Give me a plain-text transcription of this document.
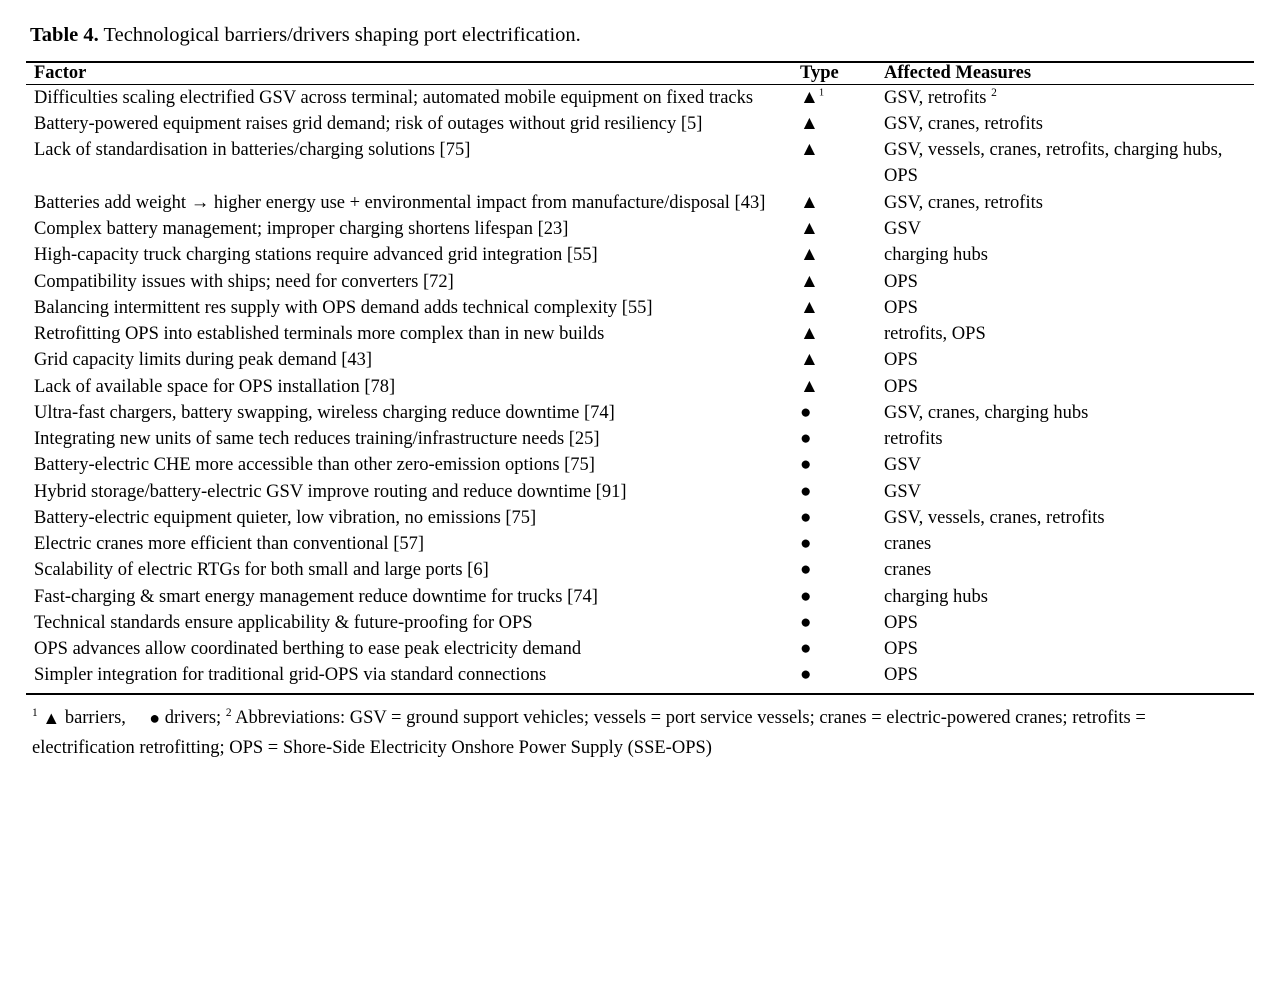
Table 4. Technological barriers/drivers shaping port electrification.
Factor	Type	Affected Measures
Difficulties scaling electrified GSV across terminal; automated mobile equipment on fixed tracks	▲$^1$	GSV, retrofits $^2$
Battery-powered equipment raises grid demand; risk of outages without grid resiliency [5]	▲	GSV, cranes, retrofits
Lack of standardisation in batteries/charging solutions [75]	▲	GSV, vessels, cranes, retrofits, charging hubs, OPS
Batteries add weight → higher energy use + environmental impact from manufacture/disposal [43]	▲	GSV, cranes, retrofits
Complex battery management; improper charging shortens lifespan [23]	▲	GSV
High-capacity truck charging stations require advanced grid integration [55]	▲	charging hubs
Compatibility issues with ships; need for converters [72]	▲	OPS
Balancing intermittent res supply with OPS demand adds technical complexity [55]	▲	OPS
Retrofitting OPS into established terminals more complex than in new builds	▲	retrofits, OPS
Grid capacity limits during peak demand [43]	▲	OPS
Lack of available space for OPS installation [78]	▲	OPS
Ultra-fast chargers, battery swapping, wireless charging reduce downtime [74]	●	GSV, cranes, charging hubs
Integrating new units of same tech reduces training/infrastructure needs [25]	●	retrofits
Battery-electric CHE more accessible than other zero-emission options [75]	●	GSV
Hybrid storage/battery-electric GSV improve routing and reduce downtime [91]	●	GSV
Battery-electric equipment quieter, low vibration, no emissions [75]	●	GSV, vessels, cranes, retrofits
Electric cranes more efficient than conventional [57]	●	cranes
Scalability of electric RTGs for both small and large ports [6]	●	cranes
Fast-charging & smart energy management reduce downtime for trucks [74]	●	charging hubs
Technical standards ensure applicability & future-proofing for OPS	●	OPS
OPS advances allow coordinated berthing to ease peak electricity demand	●	OPS
Simpler integration for traditional grid-OPS via standard connections	●	OPS
$^1$ ▲ barriers, ● drivers; $^2$ Abbreviations: GSV = ground support vehicles; vessels = port service vessels; cranes = electric-powered cranes; retrofits = electrification retrofitting; OPS = Shore-Side Electricity Onshore Power Supply (SSE-OPS)
